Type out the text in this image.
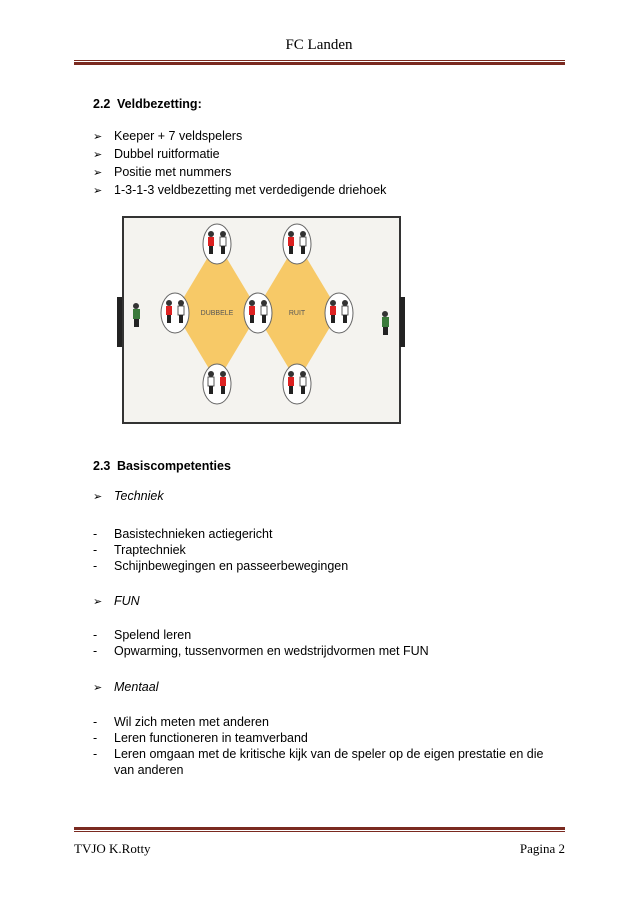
FC Landen
2.2 Veldbezetting:
➢ Keeper + 7 veldspelers
➢ Dubbel ruitformatie
➢ Positie met nummers
➢ 1-3-1-3 veldbezetting met verdedigende driehoek
DUBBELE	RUIT
2.3 Basiscompetenties
➢ Techniek
-	Basistechnieken actiegericht
-	Traptechniek
-	Schijnbewegingen en passeerbewegingen
➢ FUN
-	Spelend leren
-	Opwarming, tussenvormen en wedstrijdvormen met FUN
➢ Mentaal
-	Wil zich meten met anderen
-	Leren functioneren in teamverband
-	Leren omgaan met de kritische kijk van de speler op de eigen prestatie en die van anderen
TVJO K.Rotty	Pagina 2
